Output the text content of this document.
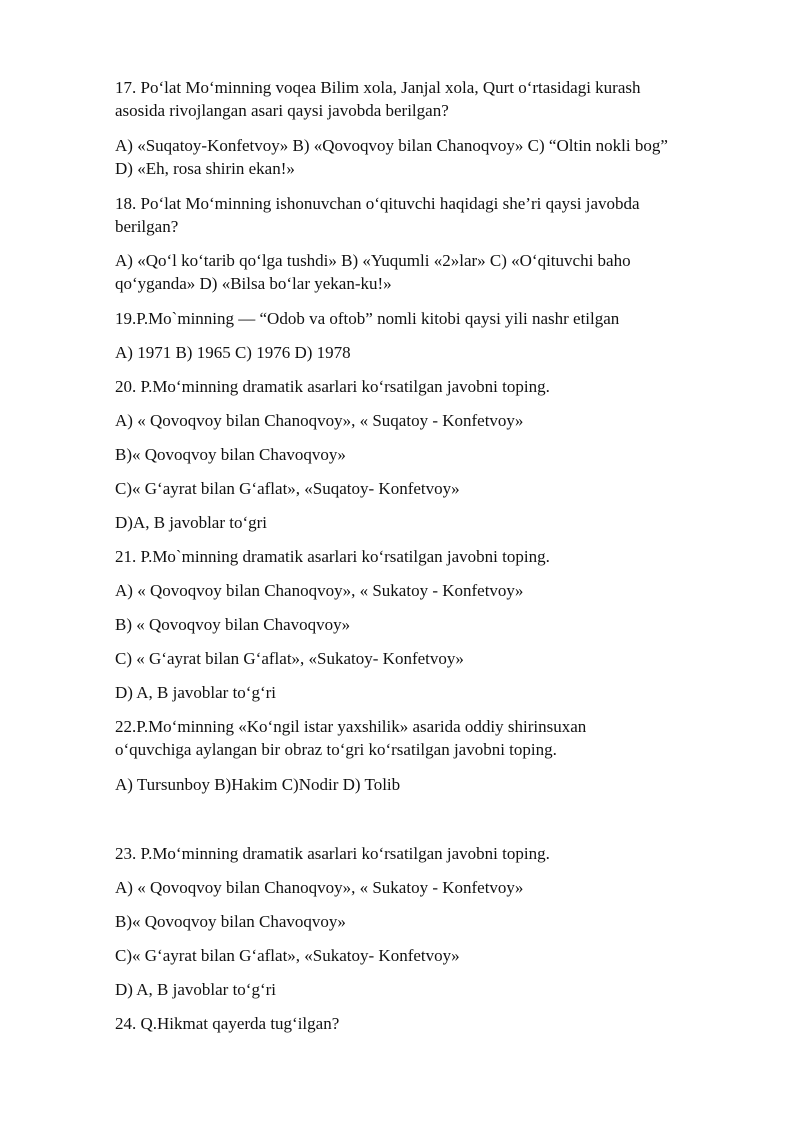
17. Po‘lat Mo‘minning voqea Bilim xola, Janjal xola, Qurt o‘rtasidagi kurash
asosida rivojlangan asari qaysi javobda berilgan?
A) «Suqatoy-Konfetvoy» B) «Qovoqvoy bilan Chanoqvoy» C) “Oltin nokli bog”
D) «Eh, rosa shirin ekan!»
18. Po‘lat Mo‘minning ishonuvchan o‘qituvchi haqidagi she’ri qaysi javobda
berilgan?
A) «Qo‘l ko‘tarib qo‘lga tushdi» B) «Yuqumli «2»lar» C) «O‘qituvchi baho
qo‘yganda» D) «Bilsa bo‘lar yekan-ku!»
19.P.Mo`minning — “Odob va oftob” nomli kitobi qaysi yili nashr etilgan
A) 1971 B) 1965 C) 1976 D) 1978
20. P.Mo‘minning dramatik asarlari ko‘rsatilgan javobni toping.
A) « Qovoqvoy bilan Chanoqvoy», « Suqatoy - Konfetvoy»
B)« Qovoqvoy bilan Chavoqvoy»
C)« G‘ayrat bilan G‘aflat», «Suqatoy- Konfetvoy»
D)A, B javoblar to‘gri
21. P.Mo`minning dramatik asarlari ko‘rsatilgan javobni toping.
A) « Qovoqvoy bilan Chanoqvoy», « Sukatoy - Konfetvoy»
B) « Qovoqvoy bilan Chavoqvoy»
C) « G‘ayrat bilan G‘aflat», «Sukatoy- Konfetvoy»
D) A, B javoblar to‘g‘ri
22.P.Mo‘minning «Ko‘ngil istar yaxshilik» asarida oddiy shirinsuxan
o‘quvchiga aylangan bir obraz to‘gri ko‘rsatilgan javobni toping.
A) Tursunboy B)Hakim C)Nodir D) Tolib
23. P.Mo‘minning dramatik asarlari ko‘rsatilgan javobni toping.
A) « Qovoqvoy bilan Chanoqvoy», « Sukatoy - Konfetvoy»
B)« Qovoqvoy bilan Chavoqvoy»
C)« G‘ayrat bilan G‘aflat», «Sukatoy- Konfetvoy»
D) A, B javoblar to‘g‘ri
24. Q.Hikmat qayerda tug‘ilgan?
